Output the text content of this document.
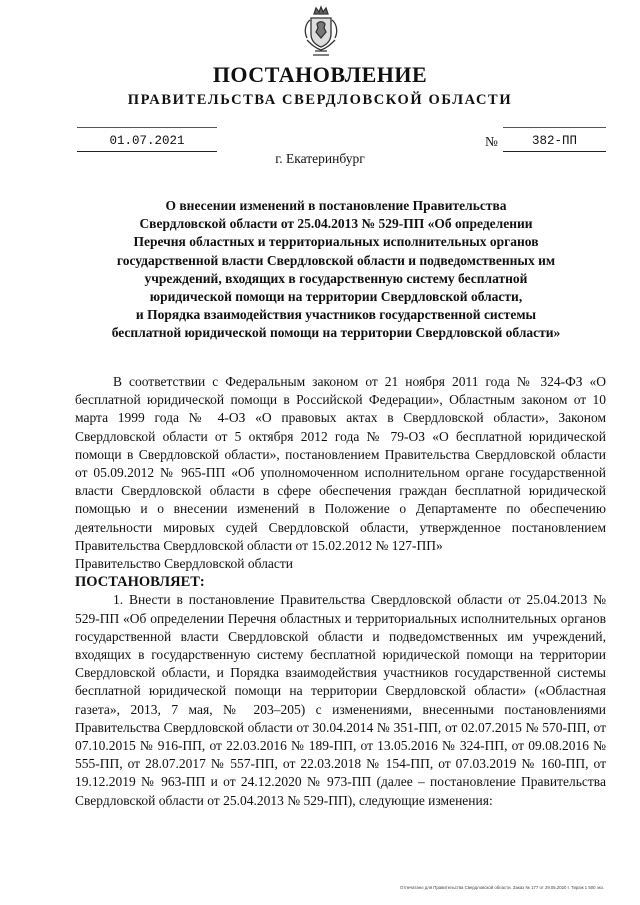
ПОСТАНОВЛЕНИЕ
ПРАВИТЕЛЬСТВА СВЕРДЛОВСКОЙ ОБЛАСТИ
01.07.2021	№	382-ПП
г. Екатеринбург
О внесении изменений в постановление Правительства
Свердловской области от 25.04.2013 № 529-ПП «Об определении
Перечня областных и территориальных исполнительных органов
государственной власти Свердловской области и подведомственных им
учреждений, входящих в государственную систему бесплатной
юридической помощи на территории Свердловской области,
и Порядка взаимодействия участников государственной системы
бесплатной юридической помощи на территории Свердловской области»

В соответствии с Федеральным законом от 21 ноября 2011 года № 324-ФЗ «О бесплатной юридической помощи в Российской Федерации», Областным законом от 10 марта 1999 года № 4-ОЗ «О правовых актах в Свердловской области», Законом Свердловской области от 5 октября 2012 года № 79-ОЗ «О бесплатной юридической помощи в Свердловской области», постановлением Правительства Свердловской области от 05.09.2012 № 965-ПП «Об уполномоченном исполнительном органе государственной власти Свердловской области в сфере обеспечения граждан бесплатной юридической помощью и о внесении изменений в Положение о Департаменте по обеспечению деятельности мировых судей Свердловской области, утвержденное постановлением Правительства Свердловской области от 15.02.2012 № 127-ПП»

Правительство Свердловской области

ПОСТАНОВЛЯЕТ:

1. Внести в постановление Правительства Свердловской области от 25.04.2013 № 529-ПП «Об определении Перечня областных и территориальных исполнительных органов государственной власти Свердловской области и подведомственных им учреждений, входящих в государственную систему бесплатной юридической помощи на территории Свердловской области, и Порядка взаимодействия участников государственной системы бесплатной юридической помощи на территории Свердловской области» («Областная газета», 2013, 7 мая, № 203–205) с изменениями, внесенными постановлениями Правительства Свердловской области от 30.04.2014 № 351-ПП, от 02.07.2015 № 570-ПП, от 07.10.2015 № 916-ПП, от 22.03.2016 № 189-ПП, от 13.05.2016 № 324-ПП, от 09.08.2016 № 555-ПП, от 28.07.2017 № 557-ПП, от 22.03.2018 № 154-ПП, от 07.03.2019 № 160-ПП, от 19.12.2019 № 963-ПП и от 24.12.2020 № 973-ПП (далее – постановление Правительства Свердловской области от 25.04.2013 № 529-ПП), следующие изменения:

Отпечатано для Правительства Свердловской области. Заказ № 177 от 29.05.2020 г. Тираж 1 500 экз.
